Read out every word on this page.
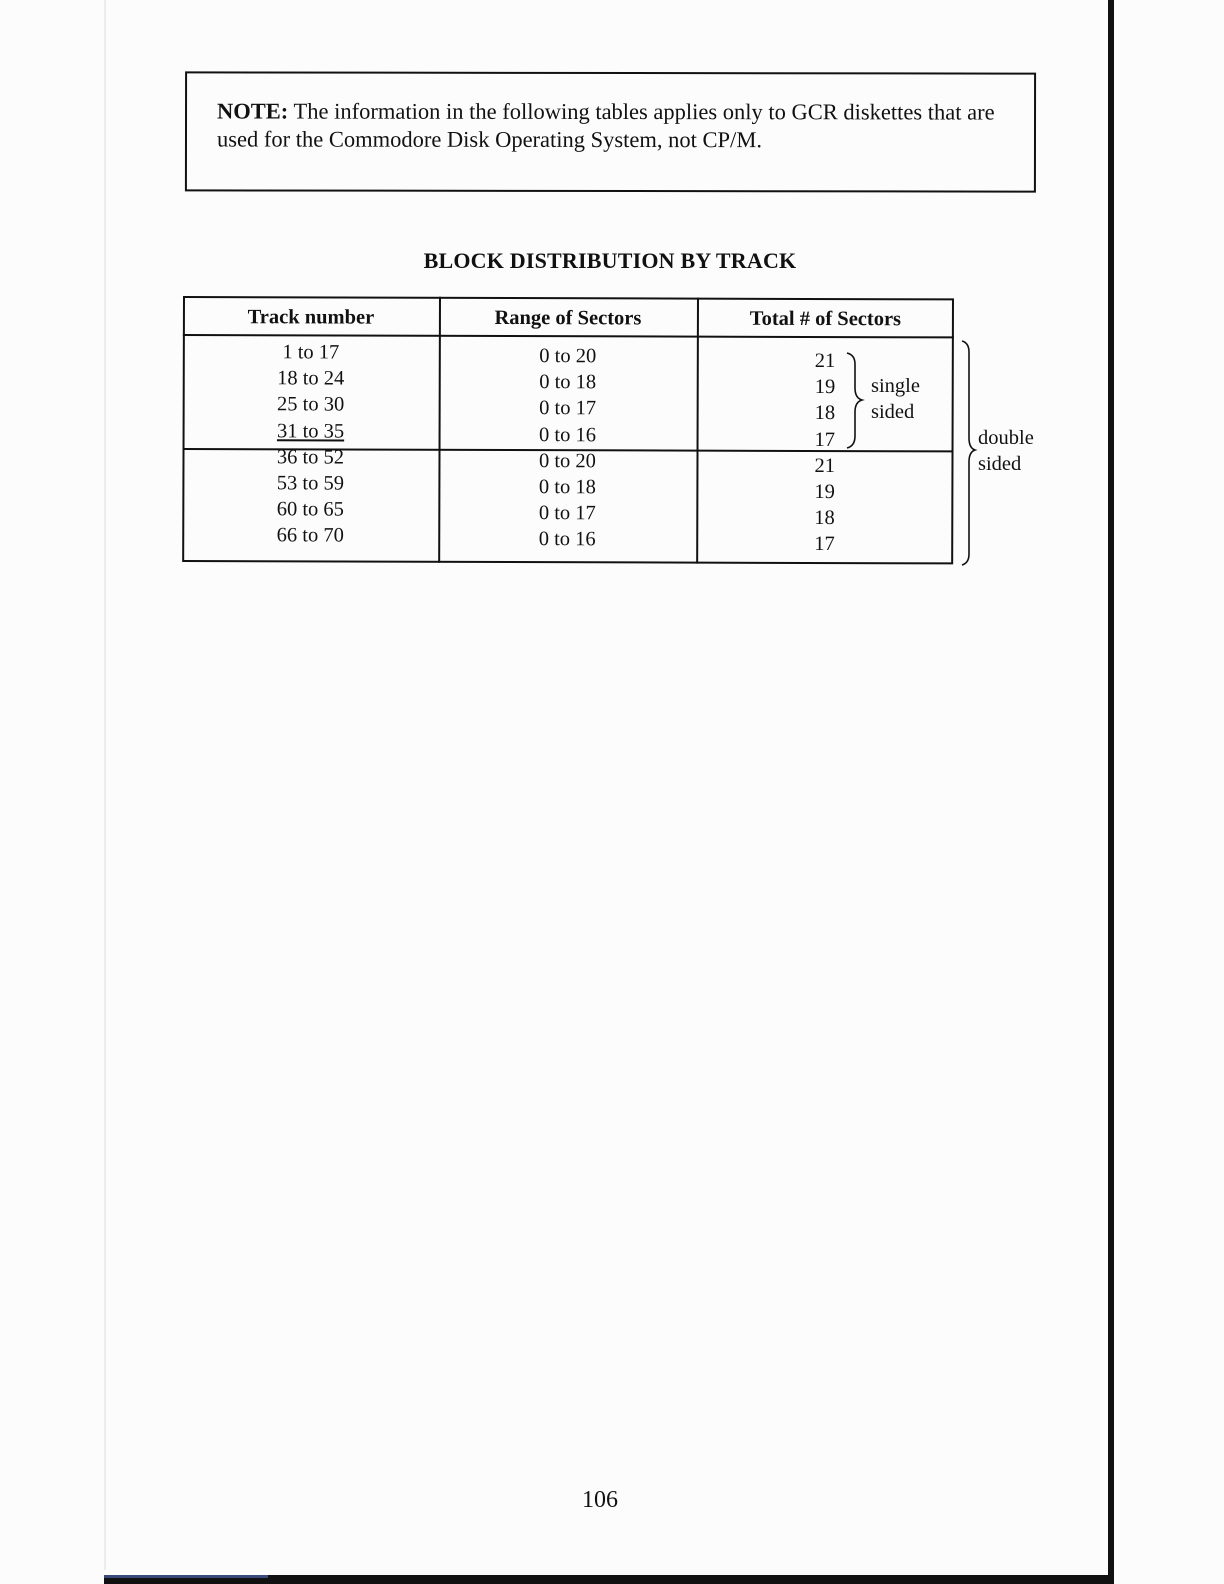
NOTE: The information in the following tables applies only to GCR diskettes that are used for the Commodore Disk Operating System, not CP/M.
BLOCK DISTRIBUTION BY TRACK
Track number
1 to 17
18 to 24
25 to 30
31 to 35
36 to 52
53 to 59
60 to 65
66 to 70
Range of Sectors
0 to 20
0 to 18
0 to 17
0 to 16
0 to 20
0 to 18
0 to 17
0 to 16
Total # of Sectors
21
19
18
17
21
19
18
17
single
sided
double
sided
106
